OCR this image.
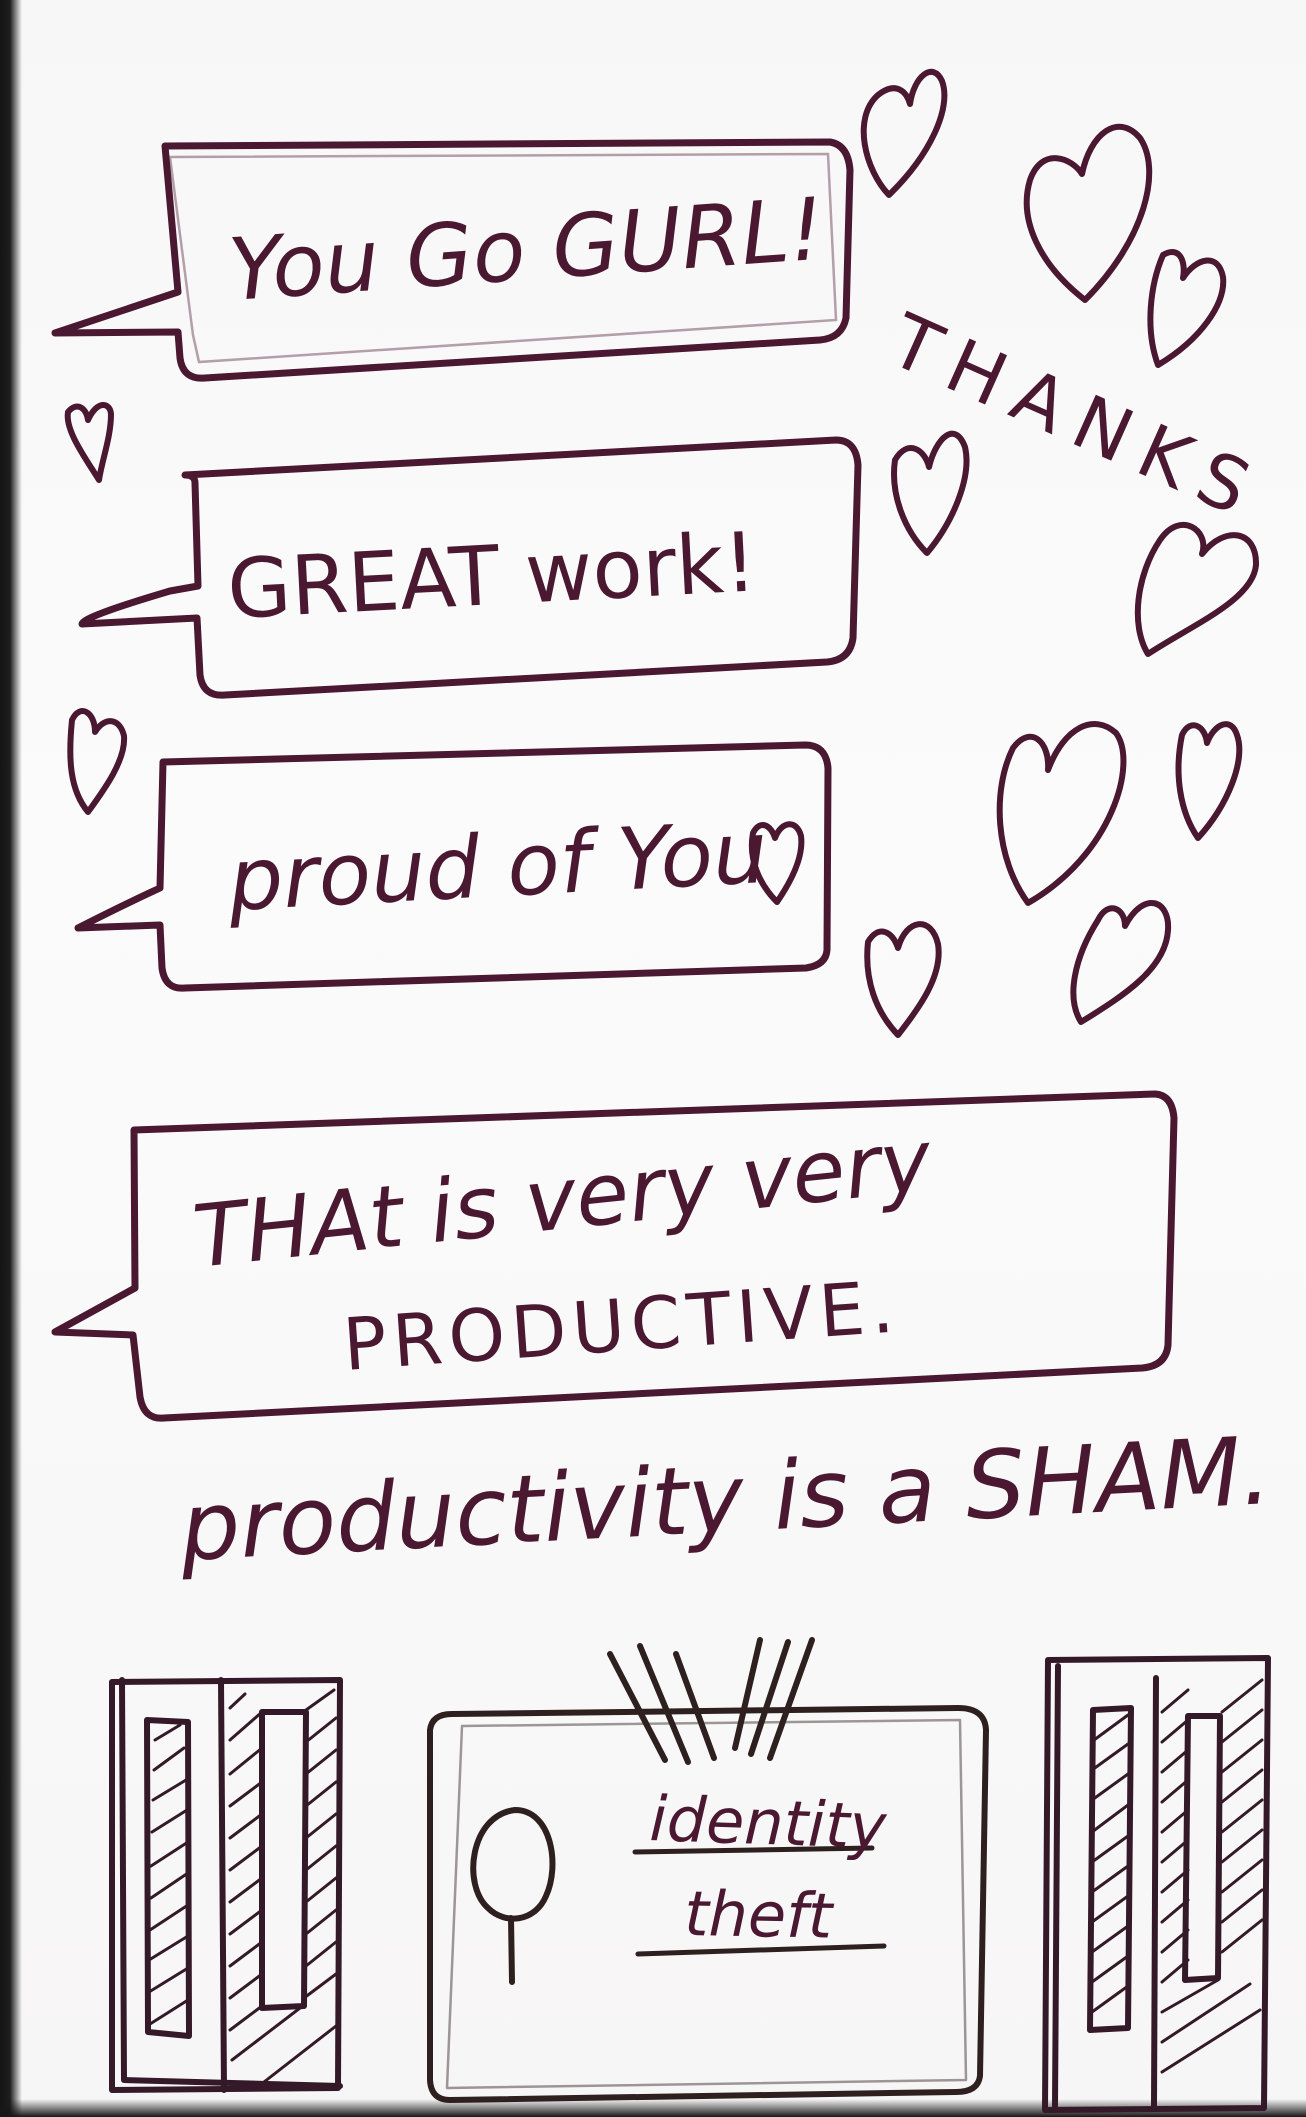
You Go GURL!
GREAT work!
proud of You
THAt is very very
PRODUCTIVE.
THANKS
productivity is a SHAM.
identity
theft
